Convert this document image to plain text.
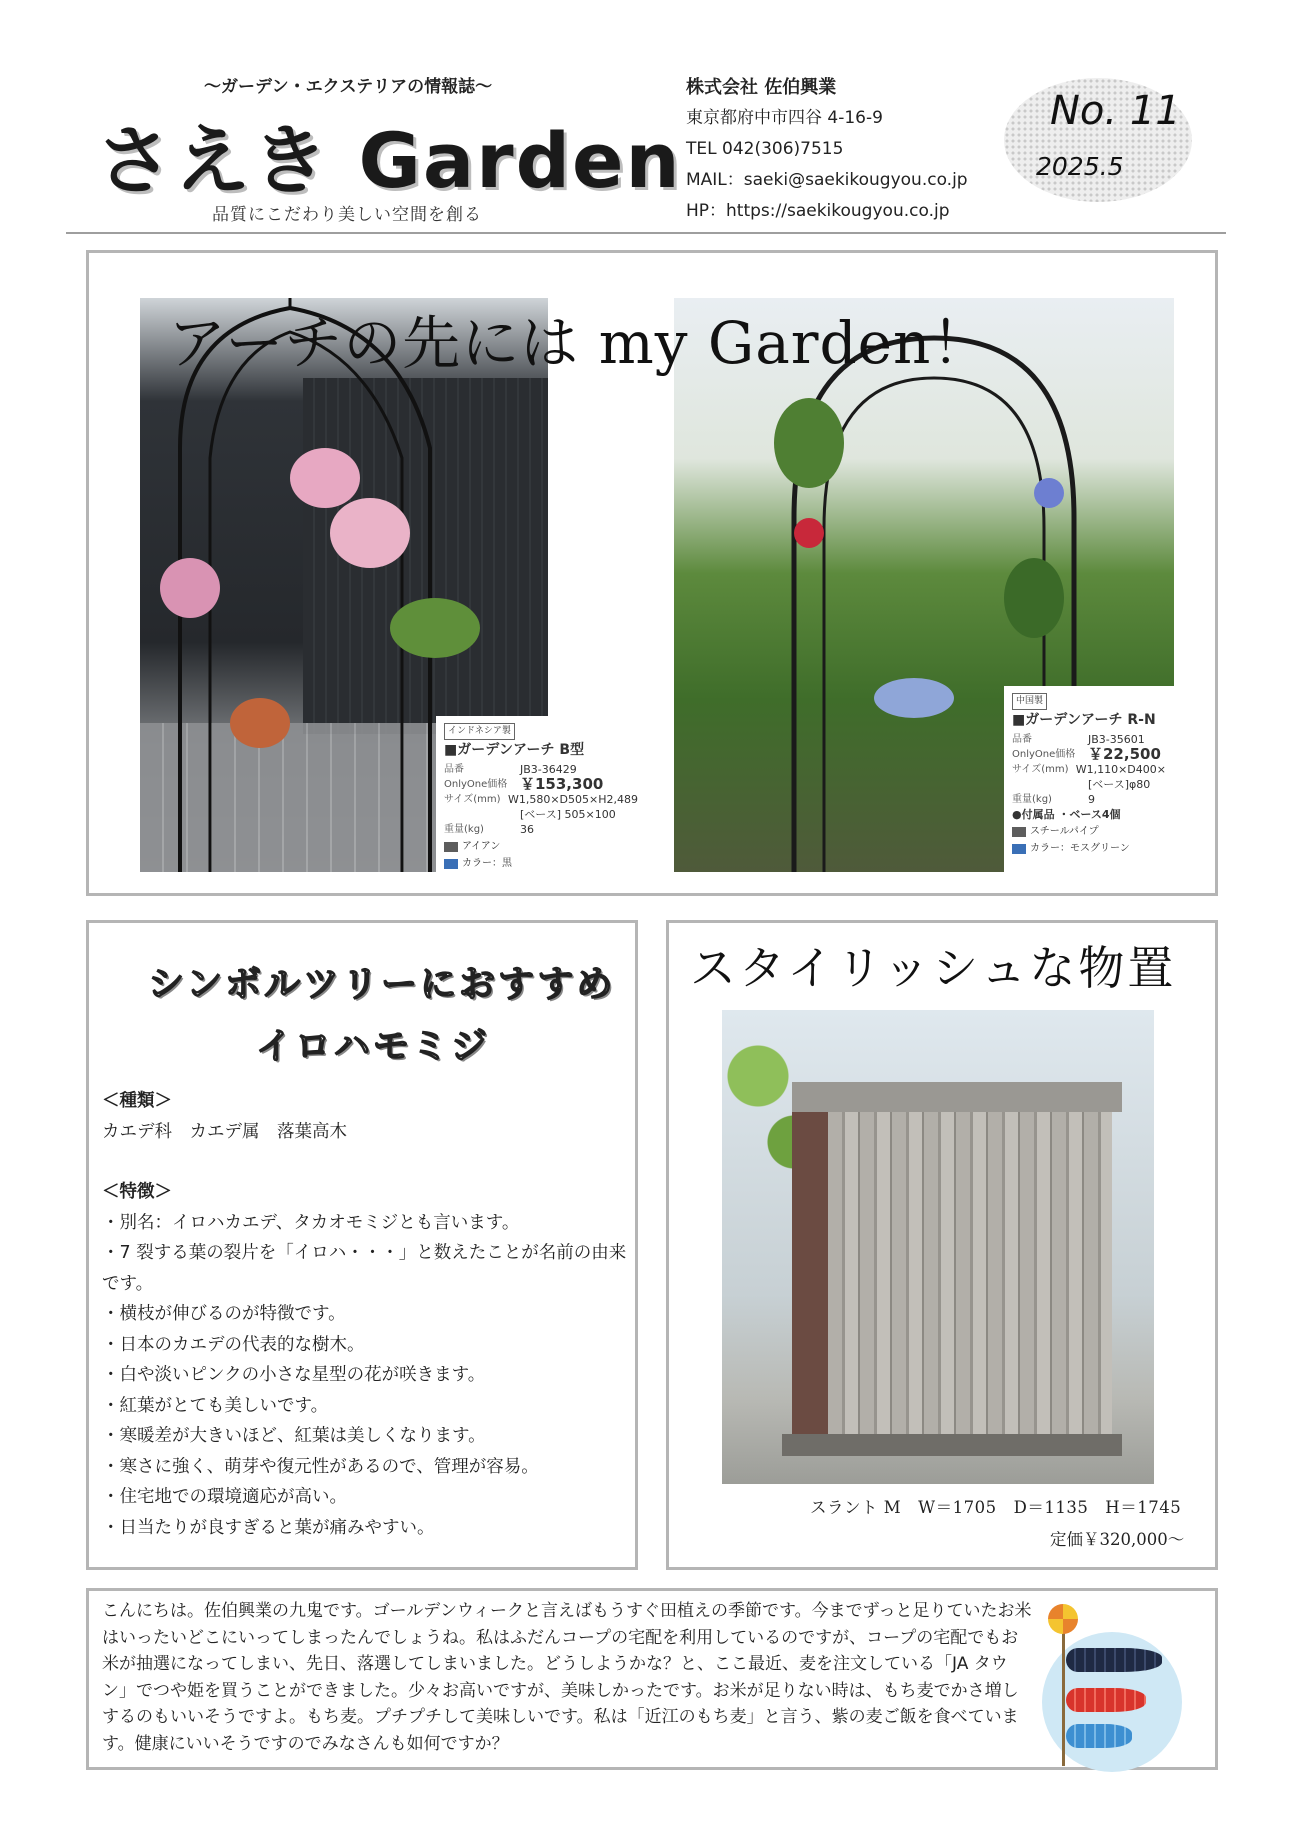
～ガーデン・エクステリアの情報誌～
さえき Garden
品質にこだわり美しい空間を創る
株式会社 佐伯興業
東京都府中市四谷 4-16-9
TEL 042(306)7515
MAIL：saeki@saekikougyou.co.jp
HP：https://saekikougyou.co.jp
No. 11
2025.5
アーチの先には my Garden！
インドネシア製
■ガーデンアーチ B型
品番	JB3-36429
OnlyOne価格 ￥153,300
サイズ(mm) W1,580×D505×H2,489
[ベース] 505×100
重量(kg)	36
アイアン
カラー：黒
中国製
■ガーデンアーチ R-N
品番	JB3-35601
OnlyOne価格 ￥22,500
サイズ(mm) W1,110×D400×
[ベース]φ80
重量(kg)	9
●付属品 ・ベース4個
スチールパイプ
カラー：モスグリーン
シンボルツリーにおすすめ
イロハモミジ
＜種類＞
カエデ科　カエデ属　落葉高木
＜特徴＞
・別名：イロハカエデ、タカオモミジとも言います。
・7 裂する葉の裂片を「イロハ・・・」と数えたことが名前の由来です。
・横枝が伸びるのが特徴です。
・日本のカエデの代表的な樹木。
・白や淡いピンクの小さな星型の花が咲きます。
・紅葉がとても美しいです。
・寒暖差が大きいほど、紅葉は美しくなります。
・寒さに強く、萌芽や復元性があるので、管理が容易。
・住宅地での環境適応が高い。
・日当たりが良すぎると葉が痛みやすい。
スタイリッシュな物置
スラント M　W＝1705　D＝1135　H＝1745
定価￥320,000～
こんにちは。佐伯興業の九鬼です。ゴールデンウィークと言えばもうすぐ田植えの季節です。今までずっと足りていたお米はいったいどこにいってしまったんでしょうね。私はふだんコープの宅配を利用しているのですが、コープの宅配でもお米が抽選になってしまい、先日、落選してしまいました。どうしようかな？と、ここ最近、麦を注文している「JA タウン」でつや姫を買うことができました。少々お高いですが、美味しかったです。お米が足りない時は、もち麦でかさ増しするのもいいそうですよ。もち麦。プチプチして美味しいです。私は「近江のもち麦」と言う、紫の麦ご飯を食べています。健康にいいそうですのでみなさんも如何ですか？
